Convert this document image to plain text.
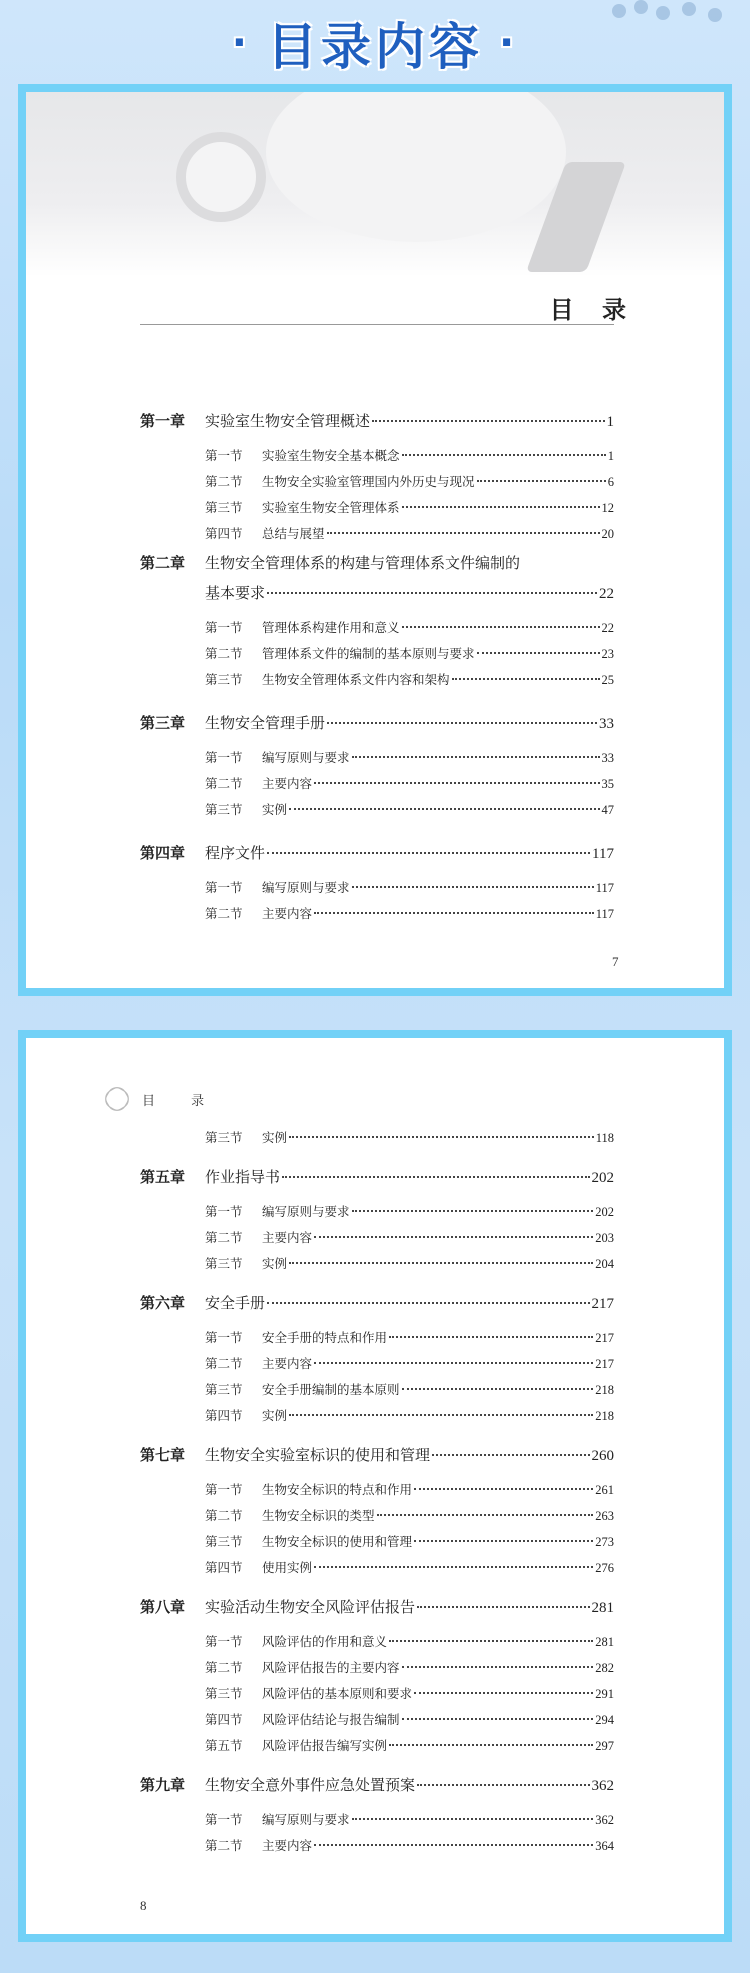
· 目录内容 ·
目 录
第一章 实验室生物安全管理概述	1
第一节 实验室生物安全基本概念	1
第二节 生物安全实验室管理国内外历史与现况	6
第三节 实验室生物安全管理体系	12
第四节 总结与展望	20
第二章 生物安全管理体系的构建与管理体系文件编制的
基本要求	22
第一节 管理体系构建作用和意义	22
第二节 管理体系文件的编制的基本原则与要求	23
第三节 生物安全管理体系文件内容和架构	25
第三章 生物安全管理手册	33
第一节 编写原则与要求	33
第二节 主要内容	35
第三节 实例	47
第四章 程序文件	117
第一节 编写原则与要求	117
第二节 主要内容	117
7
目 录
第三节 实例	118
第五章 作业指导书	202
第一节 编写原则与要求	202
第二节 主要内容	203
第三节 实例	204
第六章 安全手册	217
第一节 安全手册的特点和作用	217
第二节 主要内容	217
第三节 安全手册编制的基本原则	218
第四节 实例	218
第七章 生物安全实验室标识的使用和管理	260
第一节 生物安全标识的特点和作用	261
第二节 生物安全标识的类型	263
第三节 生物安全标识的使用和管理	273
第四节 使用实例	276
第八章 实验活动生物安全风险评估报告	281
第一节 风险评估的作用和意义	281
第二节 风险评估报告的主要内容	282
第三节 风险评估的基本原则和要求	291
第四节 风险评估结论与报告编制	294
第五节 风险评估报告编写实例	297
第九章 生物安全意外事件应急处置预案	362
第一节 编写原则与要求	362
第二节 主要内容	364
8
